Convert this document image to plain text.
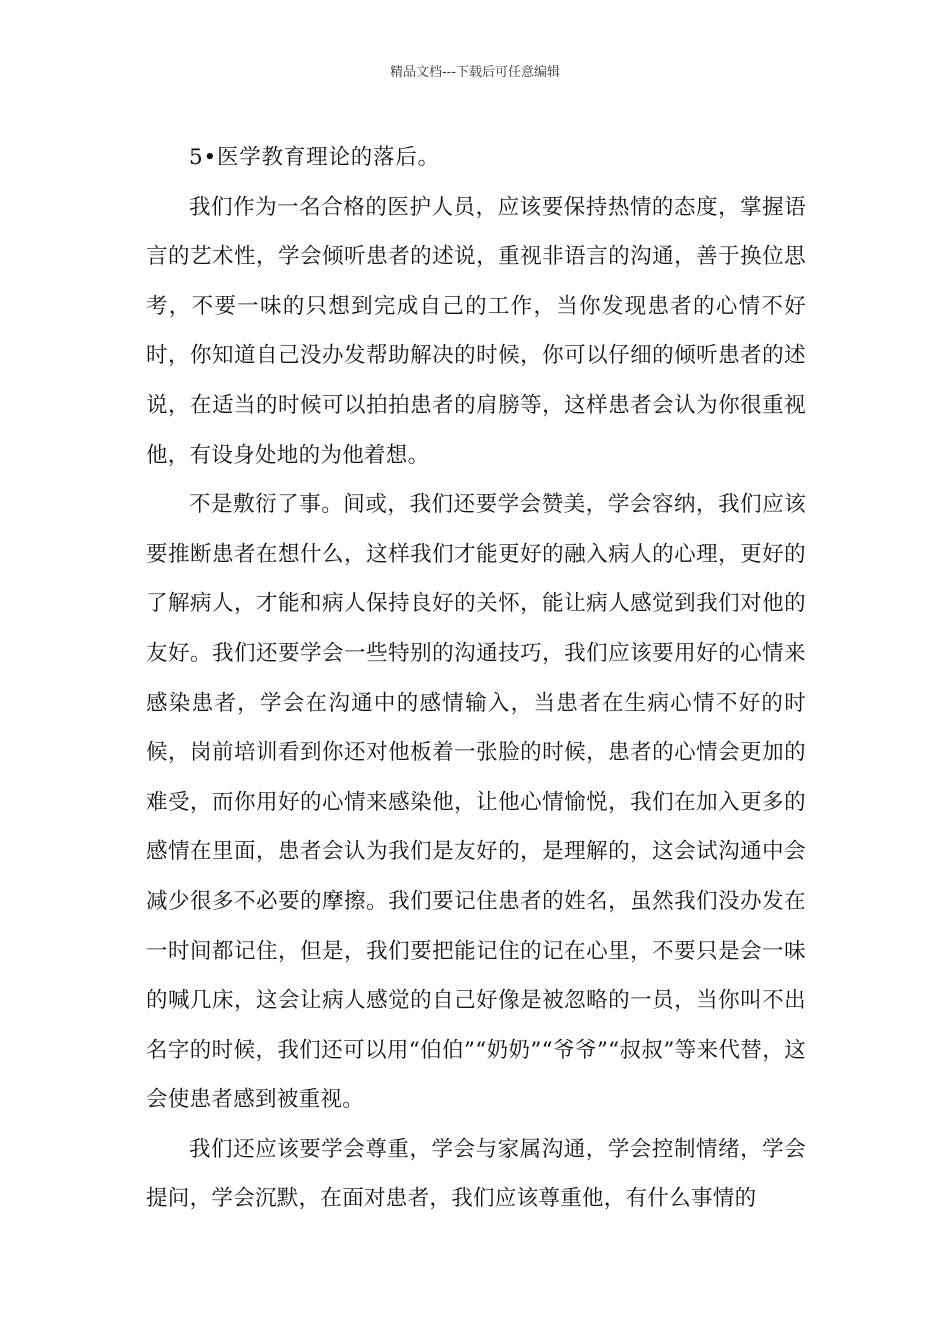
精品文档---下载后可任意编辑

5•医学教育理论的落后。

我们作为一名合格的医护人员，应该要保持热情的态度，掌握语言的艺术性，学会倾听患者的述说，重视非语言的沟通，善于换位思考，不要一味的只想到完成自己的工作，当你发现患者的心情不好时，你知道自己没办发帮助解决的时候，你可以仔细的倾听患者的述说，在适当的时候可以拍拍患者的肩膀等，这样患者会认为你很重视他，有设身处地的为他着想。

不是敷衍了事。间或，我们还要学会赞美，学会容纳，我们应该要推断患者在想什么，这样我们才能更好的融入病人的心理，更好的了解病人，才能和病人保持良好的关怀，能让病人感觉到我们对他的友好。我们还要学会一些特别的沟通技巧，我们应该要用好的心情来感染患者，学会在沟通中的感情输入，当患者在生病心情不好的时候，岗前培训看到你还对他板着一张脸的时候，患者的心情会更加的难受，而你用好的心情来感染他，让他心情愉悦，我们在加入更多的感情在里面，患者会认为我们是友好的，是理解的，这会试沟通中会减少很多不必要的摩擦。我们要记住患者的姓名，虽然我们没办发在一时间都记住，但是，我们要把能记住的记在心里，不要只是会一味的喊几床，这会让病人感觉的自己好像是被忽略的一员，当你叫不出名字的时候，我们还可以用“伯伯”“奶奶”“爷爷”“叔叔”等来代替，这会使患者感到被重视。

我们还应该要学会尊重，学会与家属沟通，学会控制情绪，学会提问，学会沉默，在面对患者，我们应该尊重他，有什么事情的
